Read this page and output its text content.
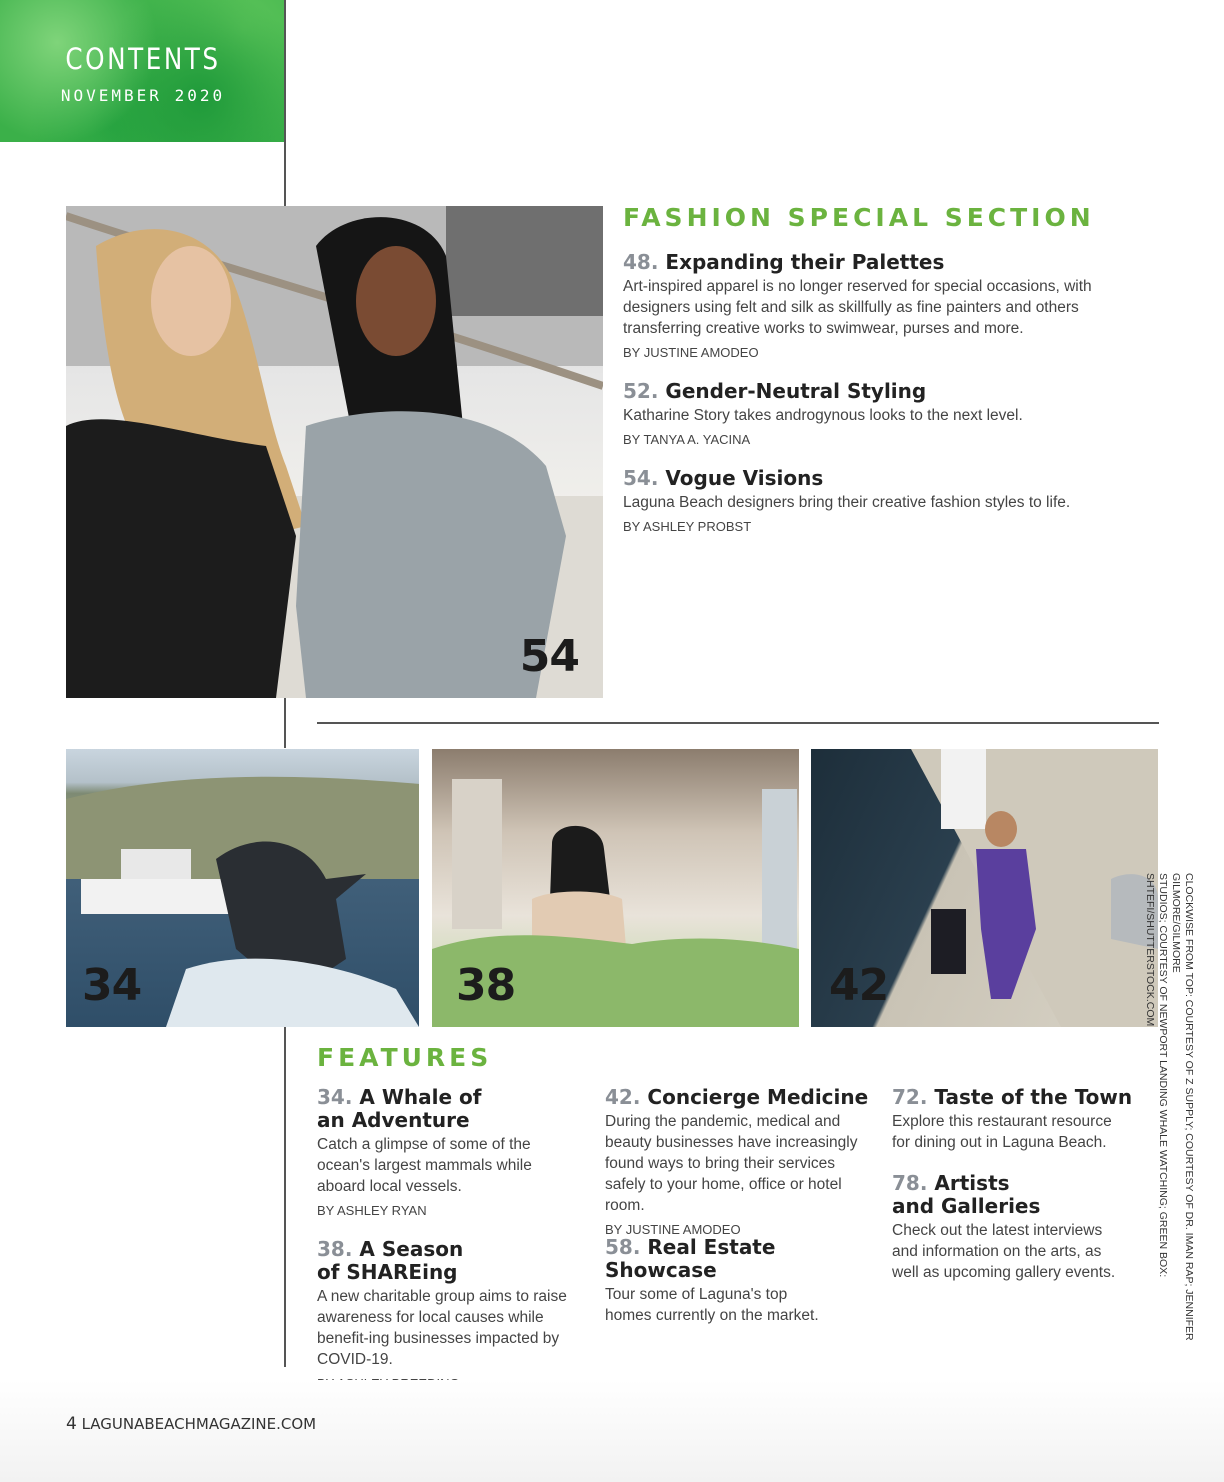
CONTENTS
NOVEMBER 2020
54
FASHION SPECIAL SECTION
48. Expanding their Palettes
Art-inspired apparel is no longer reserved for special occasions, with designers using felt and silk as skillfully as fine painters and others transferring creative works to swimwear, purses and more.
BY JUSTINE AMODEO
52. Gender-Neutral Styling
Katharine Story takes androgynous looks to the next level.
BY TANYA A. YACINA
54. Vogue Visions
Laguna Beach designers bring their creative fashion styles to life.
BY ASHLEY PROBST
34	38	42
FEATURES
34. A Whale of
an Adventure
Catch a glimpse of some of the ocean's largest mammals while aboard local vessels.
BY ASHLEY RYAN
38. A Season
of SHAREing
A new charitable group aims to raise awareness for local causes while benefit-ing businesses impacted by COVID-19.
42. Concierge Medicine
During the pandemic, medical and beauty businesses have increasingly found ways to bring their services safely to your home, office or hotel room.
BY JUSTINE AMODEO
58. Real Estate
Showcase
Tour some of Laguna's top homes currently on the market.
72. Taste of the Town
Explore this restaurant resource for dining out in Laguna Beach.
78. Artists
and Galleries
Check out the latest interviews and information on the arts, as well as upcoming gallery events.	CLOCKWISE FROM TOP: COURTESY OF Z SUPPLY; COURTESY OF DR. IMAN RAP; JENNIFER GILMORE/GILMORE
STUDIOS; COURTESY OF NEWPORT LANDING WHALE WATCHING; GREEN BOX: SHTEFI/SHUTTERSTOCK.COM
4 LAGUNABEACHMAGAZINE.COM
